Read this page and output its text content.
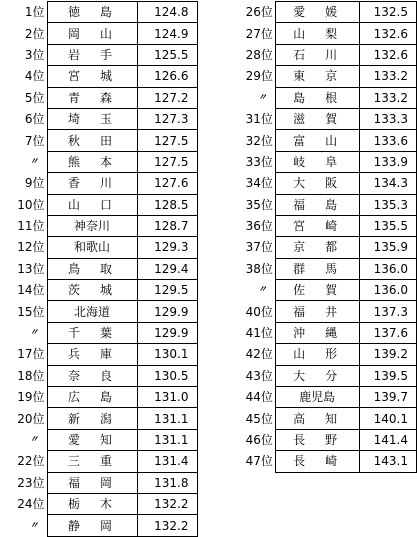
1位	徳　島	124.8
2位	岡　山	124.9
3位	岩　手	125.5
4位	宮　城	126.6
5位	青　森	127.2
6位	埼　玉	127.3
7位	秋　田	127.5
〃	熊　本	127.5
9位	香　川	127.6
10位	山　口	128.5
11位	神奈川	128.7
12位	和歌山	129.3
13位	鳥　取	129.4
14位	茨　城	129.5
15位	北海道	129.9
〃	千　葉	129.9
17位	兵　庫	130.1
18位	奈　良	130.5
19位	広　島	131.0
20位	新　潟	131.1
〃	愛　知	131.1
22位	三　重	131.4
23位	福　岡	131.8
24位	栃　木	132.2
〃	静　岡	132.2
26位	愛　媛	132.5
27位	山　梨	132.6
28位	石　川	132.6
29位	東　京	133.2
〃	島　根	133.2
31位	滋　賀	133.3
32位	富　山	133.6
33位	岐　阜	133.9
34位	大　阪	134.3
35位	福　島	135.3
36位	宮　崎	135.5
37位	京　都	135.9
38位	群　馬	136.0
〃	佐　賀	136.0
40位	福　井	137.3
41位	沖　縄	137.6
42位	山　形	139.2
43位	大　分	139.5
44位	鹿児島	139.7
45位	高　知	140.1
46位	長　野	141.4
47位	長　崎	143.1
